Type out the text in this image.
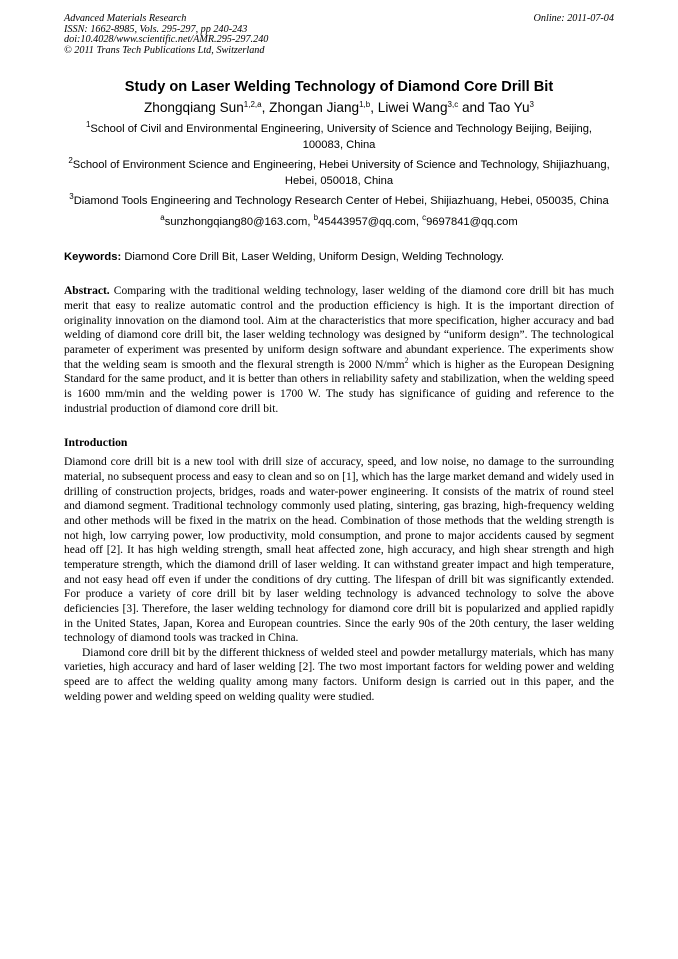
Advanced Materials Research
ISSN: 1662-8985, Vols. 295-297, pp 240-243
doi:10.4028/www.scientific.net/AMR.295-297.240
© 2011 Trans Tech Publications Ltd, Switzerland
Online: 2011-07-04
Study on Laser Welding Technology of Diamond Core Drill Bit
Zhongqiang Sun$^{1,2,a}$, Zhongan Jiang$^{1,b}$, Liwei Wang$^{3,c}$ and Tao Yu$^3$
$^1$School of Civil and Environmental Engineering, University of Science and Technology Beijing, Beijing, 100083, China
$^2$School of Environment Science and Engineering, Hebei University of Science and Technology, Shijiazhuang, Hebei, 050018, China
$^3$Diamond Tools Engineering and Technology Research Center of Hebei, Shijiazhuang, Hebei, 050035, China
$^a$sunzhongqiang80@163.com, $^b$45443957@qq.com, $^c$9697841@qq.com
Keywords: Diamond Core Drill Bit, Laser Welding, Uniform Design, Welding Technology.
Abstract. Comparing with the traditional welding technology, laser welding of the diamond core drill bit has much merit that easy to realize automatic control and the production efficiency is high. It is the important direction of originality innovation on the diamond tool. Aim at the characteristics that more specification, higher accuracy and bad welding of diamond core drill bit, the laser welding technology was designed by “uniform design”. The technological parameter of experiment was presented by uniform design software and abundant experience. The experiments show that the welding seam is smooth and the flexural strength is 2000 $N/mm^2$ which is higher as the European Designing Standard for the same product, and it is better than others in reliability safety and stabilization, when the welding speed is 1600 mm/min and the welding power is 1700 W. The study has significance of guiding and reference to the industrial production of diamond core drill bit.
Introduction
Diamond core drill bit is a new tool with drill size of accuracy, speed, and low noise, no damage to the surrounding material, no subsequent process and easy to clean and so on [1], which has the large market demand and widely used in drilling of construction projects, bridges, roads and water-power engineering. It consists of the matrix of round steel and diamond segment. Traditional technology commonly used plating, sintering, gas brazing, high-frequency welding and other methods will be fixed in the matrix on the head. Combination of those methods that the welding strength is not high, low carrying power, low productivity, mold consumption, and prone to major accidents caused by segment head off [2]. It has high welding strength, small heat affected zone, high accuracy, and high shear strength and high temperature strength, which the diamond drill of laser welding. It can withstand greater impact and high temperature, and not easy head off even if under the conditions of dry cutting. The lifespan of drill bit was significantly extended. For produce a variety of core drill bit by laser welding technology is advanced technology to solve the above deficiencies [3]. Therefore, the laser welding technology for diamond core drill bit is popularized and applied rapidly in the United States, Japan, Korea and European countries. Since the early 90s of the 20th century, the laser welding technology of diamond tools was tracked in China.
Diamond core drill bit by the different thickness of welded steel and powder metallurgy materials, which has many varieties, high accuracy and hard of laser welding [2]. The two most important factors for welding power and welding speed are to affect the welding quality among many factors. Uniform design is carried out in this paper, and the welding power and welding speed on welding quality were studied.
